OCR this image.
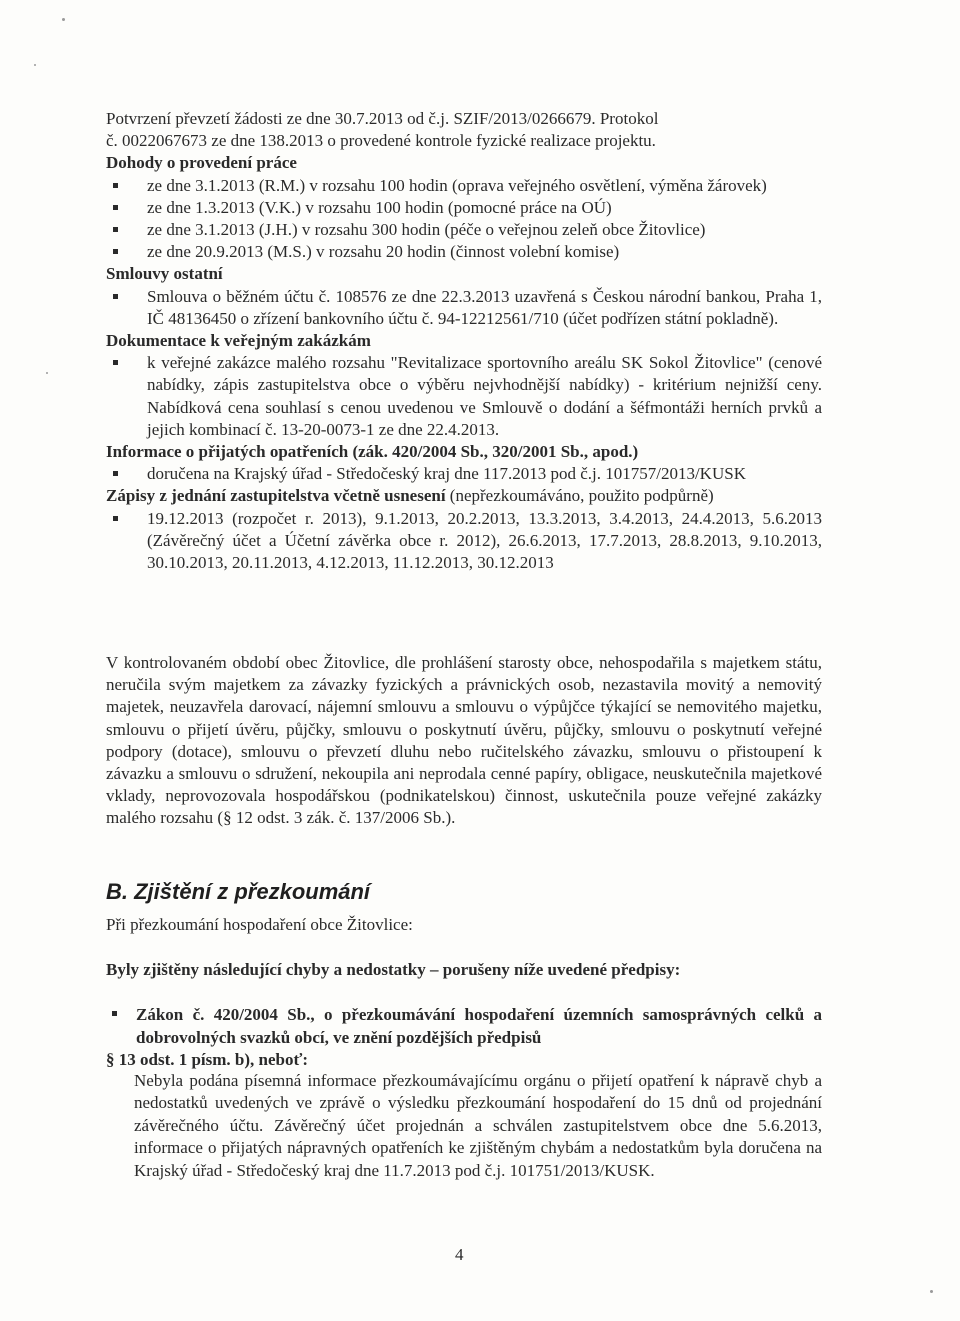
Potvrzení převzetí žádosti ze dne 30.7.2013 od č.j. SZIF/2013/0266679. Protokol

č. 0022067673 ze dne 138.2013 o provedené kontrole fyzické realizace projektu.

Dohody o provedení práce

ze dne 3.1.2013 (R.M.) v rozsahu 100 hodin (oprava veřejného osvětlení, výměna žárovek)

ze dne 1.3.2013 (V.K.) v rozsahu 100 hodin (pomocné práce na OÚ)

ze dne 3.1.2013 (J.H.) v rozsahu 300 hodin (péče o veřejnou zeleň obce Žitovlice)

ze dne 20.9.2013 (M.S.) v rozsahu 20 hodin (činnost volební komise)

Smlouvy ostatní

Smlouva o běžném účtu č. 108576 ze dne 22.3.2013 uzavřená s Českou národní bankou, Praha 1, IČ 48136450 o zřízení bankovního účtu č. 94-12212561/710 (účet podřízen státní pokladně).

Dokumentace k veřejným zakázkám

k veřejné zakázce malého rozsahu "Revitalizace sportovního areálu SK Sokol Žitovlice" (cenové nabídky, zápis zastupitelstva obce o výběru nejvhodnější nabídky) - kritérium nejnižší ceny. Nabídková cena souhlasí s cenou uvedenou ve Smlouvě o dodání a šéfmontáži herních prvků a jejich kombinací č. 13-20-0073-1 ze dne 22.4.2013.

Informace o přijatých opatřeních (zák. 420/2004 Sb., 320/2001 Sb., apod.)

doručena na Krajský úřad - Středočeský kraj dne 117.2013 pod č.j. 101757/2013/KUSK

Zápisy z jednání zastupitelstva včetně usnesení (nepřezkoumáváno, použito podpůrně)

19.12.2013 (rozpočet r. 2013), 9.1.2013, 20.2.2013, 13.3.2013, 3.4.2013, 24.4.2013, 5.6.2013 (Závěrečný účet a Účetní závěrka obce r. 2012), 26.6.2013, 17.7.2013, 28.8.2013, 9.10.2013, 30.10.2013, 20.11.2013, 4.12.2013, 11.12.2013, 30.12.2013

V kontrolovaném období obec Žitovlice, dle prohlášení starosty obce, nehospodařila s majetkem státu, neručila svým majetkem za závazky fyzických a právnických osob, nezastavila movitý a nemovitý majetek, neuzavřela darovací, nájemní smlouvu a smlouvu o výpůjčce týkající se nemovitého majetku, smlouvu o přijetí úvěru, půjčky, smlouvu o poskytnutí úvěru, půjčky, smlouvu o poskytnutí veřejné podpory (dotace), smlouvu o převzetí dluhu nebo ručitelského závazku, smlouvu o přistoupení k závazku a smlouvu o sdružení, nekoupila ani neprodala cenné papíry, obligace, neuskutečnila majetkové vklady, neprovozovala hospodářskou (podnikatelskou) činnost, uskutečnila pouze veřejné zakázky malého rozsahu (§ 12 odst. 3 zák. č. 137/2006 Sb.).

B. Zjištění z přezkoumání

Při přezkoumání hospodaření obce Žitovlice:

Byly zjištěny následující chyby a nedostatky – porušeny níže uvedené předpisy:

Zákon č. 420/2004 Sb., o přezkoumávání hospodaření územních samosprávných celků a dobrovolných svazků obcí, ve znění pozdějších předpisů

§ 13 odst. 1 písm. b), neboť:

Nebyla podána písemná informace přezkoumávajícímu orgánu o přijetí opatření k nápravě chyb a nedostatků uvedených ve zprávě o výsledku přezkoumání hospodaření do 15 dnů od projednání závěrečného účtu. Závěrečný účet projednán a schválen zastupitelstvem obce dne 5.6.2013, informace o přijatých nápravných opatřeních ke zjištěným chybám a nedostatkům byla doručena na Krajský úřad - Středočeský kraj dne 11.7.2013 pod č.j. 101751/2013/KUSK.

4
